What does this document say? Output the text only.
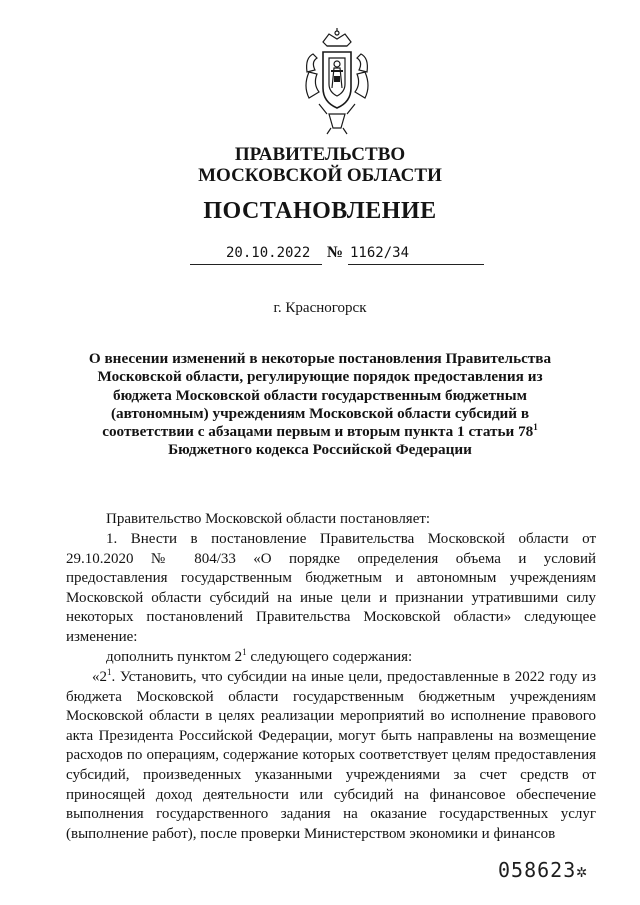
ПРАВИТЕЛЬСТВО
МОСКОВСКОЙ ОБЛАСТИ
ПОСТАНОВЛЕНИЕ
20.10.2022 № 1162/34
г. Красногорск
О внесении изменений в некоторые постановления Правительства Московской области, регулирующие порядок предоставления из бюджета Московской области государственным бюджетным (автономным) учреждениям Московской области субсидий в соответствии с абзацами первым и вторым пункта 1 статьи $78^1$ Бюджетного кодекса Российской Федерации
Правительство Московской области постановляет:
1. Внести в постановление Правительства Московской области от 29.10.2020 № 804/33 «О порядке определения объема и условий предоставления государственным бюджетным и автономным учреждениям Московской области субсидий на иные цели и признании утратившими силу некоторых постановлений Правительства Московской области» следующее изменение:
дополнить пунктом $2^1$ следующего содержания:
«$2^1$. Установить, что субсидии на иные цели, предоставленные в 2022 году из бюджета Московской области государственным бюджетным учреждениям Московской области в целях реализации мероприятий во исполнение правового акта Президента Российской Федерации, могут быть направлены на возмещение расходов по операциям, содержание которых соответствует целям предоставления субсидий, произведенных указанными учреждениями за счет средств от приносящей доход деятельности или субсидий на финансовое обеспечение выполнения государственного задания на оказание государственных услуг (выполнение работ), после проверки Министерством экономики и финансов
058623✲
